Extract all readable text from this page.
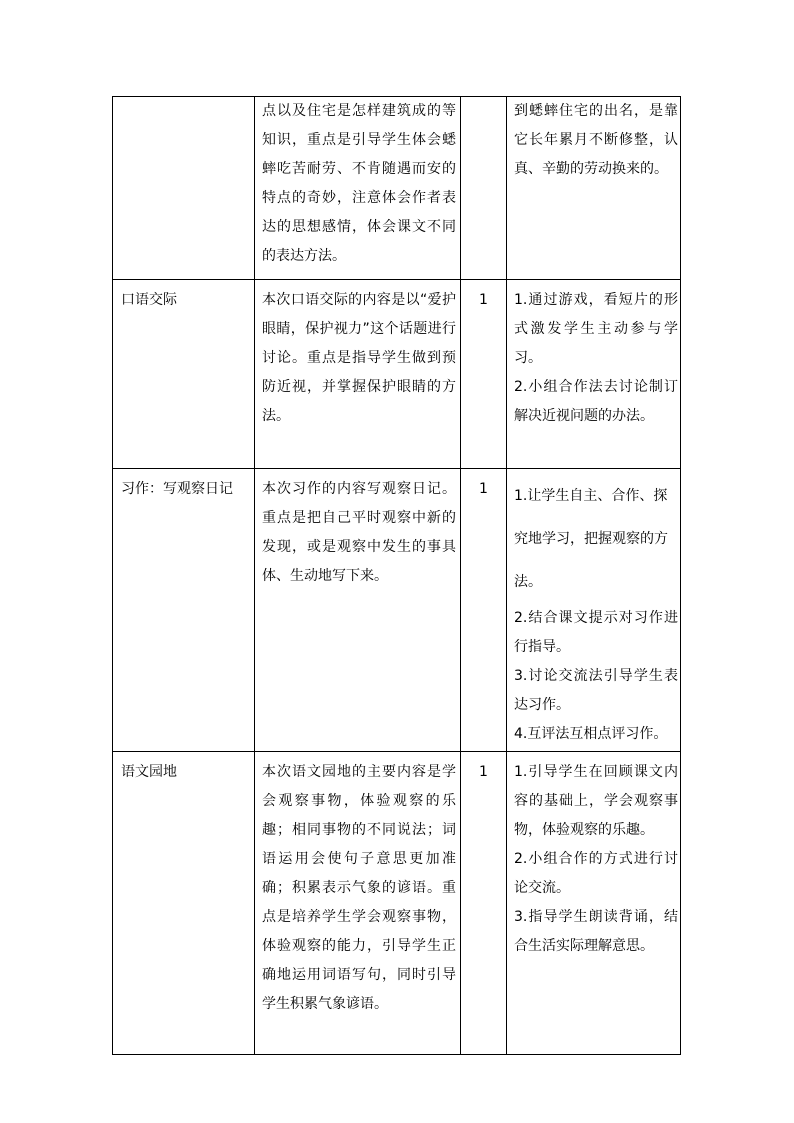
	点以及住宅是怎样建筑成的等知识，重点是引导学生体会蟋蟀吃苦耐劳、不肯随遇而安的特点的奇妙，注意体会作者表达的思想感情，体会课文不同的表达方法。		到蟋蟀住宅的出名，是靠它长年累月不断修整，认真、辛勤的劳动换来的。

口语交际	本次口语交际的内容是以“爱护眼睛，保护视力”这个话题进行讨论。重点是指导学生做到预防近视，并掌握保护眼睛的方法。	1	1.通过游戏，看短片的形式激发学生主动参与学习。
2.小组合作法去讨论制订解决近视问题的办法。

习作：写观察日记	本次习作的内容写观察日记。重点是把自己平时观察中新的发现，或是观察中发生的事具体、生动地写下来。	1	1.让学生自主、合作、探究地学习，把握观察的方法。
2.结合课文提示对习作进行指导。
3.讨论交流法引导学生表达习作。
4.互评法互相点评习作。

语文园地	本次语文园地的主要内容是学会观察事物，体验观察的乐趣；相同事物的不同说法；词语运用会使句子意思更加准确；积累表示气象的谚语。重点是培养学生学会观察事物，体验观察的能力，引导学生正确地运用词语写句，同时引导学生积累气象谚语。	1	1.引导学生在回顾课文内容的基础上，学会观察事物，体验观察的乐趣。
2.小组合作的方式进行讨论交流。
3.指导学生朗读背诵，结合生活实际理解意思。
